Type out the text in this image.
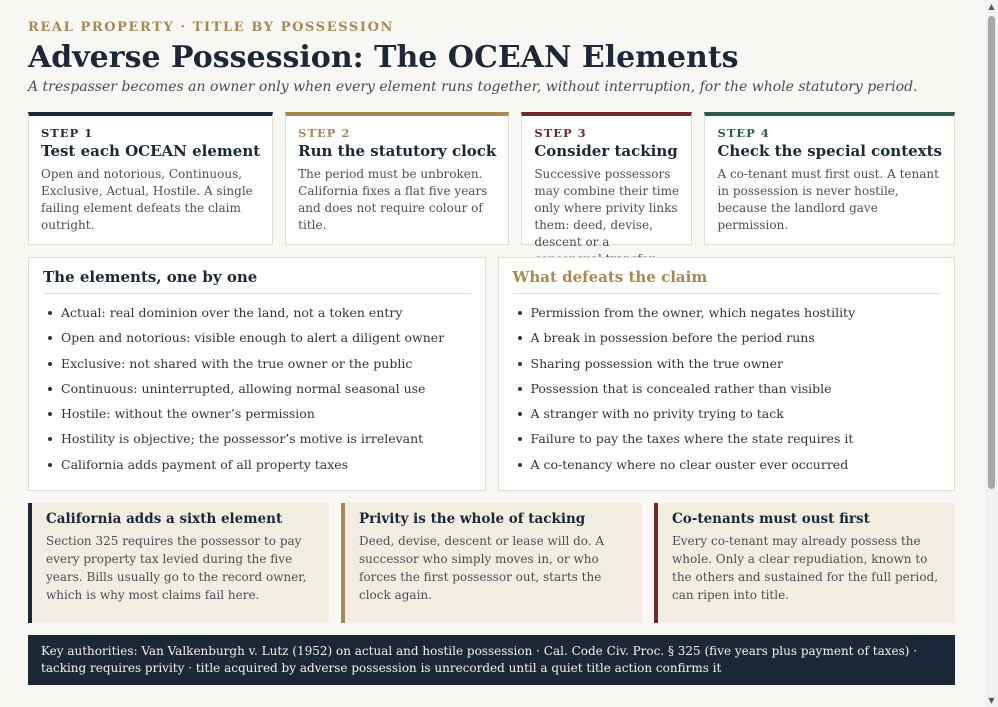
REAL PROPERTY · TITLE BY POSSESSION
Adverse Possession: The OCEAN Elements
A trespasser becomes an owner only when every element runs together, without interruption, for the whole statutory period.
STEP 1
Test each OCEAN element
Open and notorious, Continuous, Exclusive, Actual, Hostile. A single failing element defeats the claim outright.
STEP 2
Run the statutory clock
The period must be unbroken. California fixes a flat five years and does not require colour of title.
STEP 3
Consider tacking
Successive possessors may combine their time only where privity links them: deed, devise, descent or a
STEP 4
Check the special contexts
A co-tenant must first oust. A tenant in possession is never hostile, because the landlord gave permission.
The elements, one by one
Actual: real dominion over the land, not a token entry
Open and notorious: visible enough to alert a diligent owner
Exclusive: not shared with the true owner or the public
Continuous: uninterrupted, allowing normal seasonal use
Hostile: without the owner’s permission
Hostility is objective; the possessor’s motive is irrelevant
California adds payment of all property taxes
What defeats the claim
Permission from the owner, which negates hostility
A break in possession before the period runs
Sharing possession with the true owner
Possession that is concealed rather than visible
A stranger with no privity trying to tack
Failure to pay the taxes where the state requires it
A co-tenancy where no clear ouster ever occurred
California adds a sixth element
Section 325 requires the possessor to pay every property tax levied during the five years. Bills usually go to the record owner, which is why most claims fail here.
Privity is the whole of tacking
Deed, devise, descent or lease will do. A successor who simply moves in, or who forces the first possessor out, starts the clock again.
Co-tenants must oust first
Every co-tenant may already possess the whole. Only a clear repudiation, known to the others and sustained for the full period, can ripen into title.
Key authorities: Van Valkenburgh v. Lutz (1952) on actual and hostile possession · Cal. Code Civ. Proc. § 325 (five years plus payment of taxes) · tacking requires privity · title acquired by adverse possession is unrecorded until a quiet title action confirms it
▲
▼
